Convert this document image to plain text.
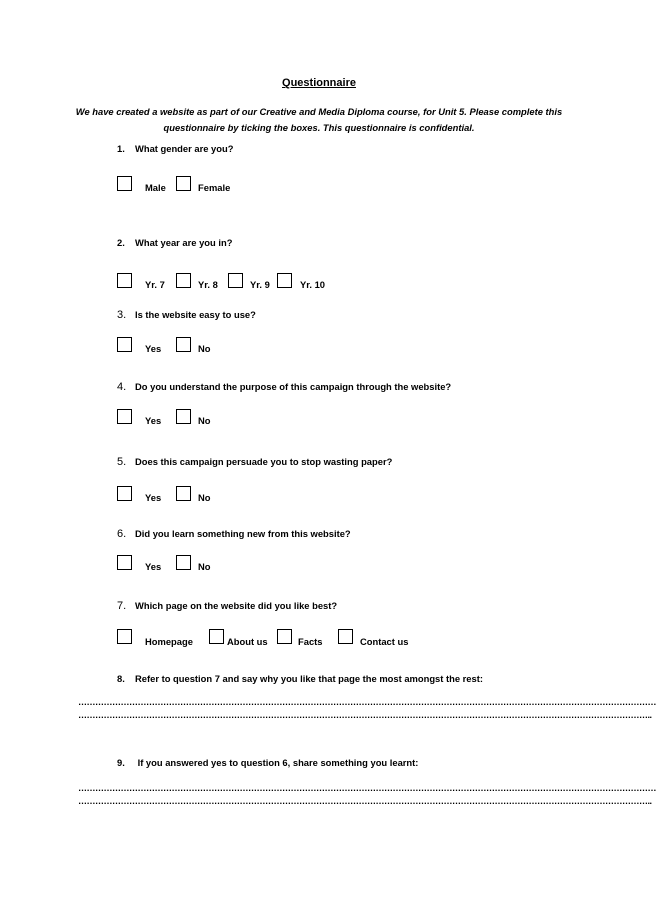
Questionnaire
We have created a website as part of our Creative and Media Diploma course, for Unit 5. Please complete this questionnaire by ticking the boxes. This questionnaire is confidential.
1. What gender are you?
Male	Female
2. What year are you in?
Yr. 7	Yr. 8	Yr. 9	Yr. 10
3. Is the website easy to use?
Yes	No
4. Do you understand the purpose of this campaign through the website?
Yes	No
5. Does this campaign persuade you to stop wasting paper?
Yes	No
6. Did you learn something new from this website?
Yes	No
7. Which page on the website did you like best?
Homepage	About us	Facts	Contact us
8. Refer to question 7 and say why you like that page the most amongst the rest:
……………………………………………………………………………………………………………………………………………………………………………………
…………………………………………………………………………………………………………………………………………………………………………………..
9. If you answered yes to question 6, share something you learnt:
……………………………………………………………………………………………………………………………………………………………………………………
…………………………………………………………………………………………………………………………………………………………………………………..
